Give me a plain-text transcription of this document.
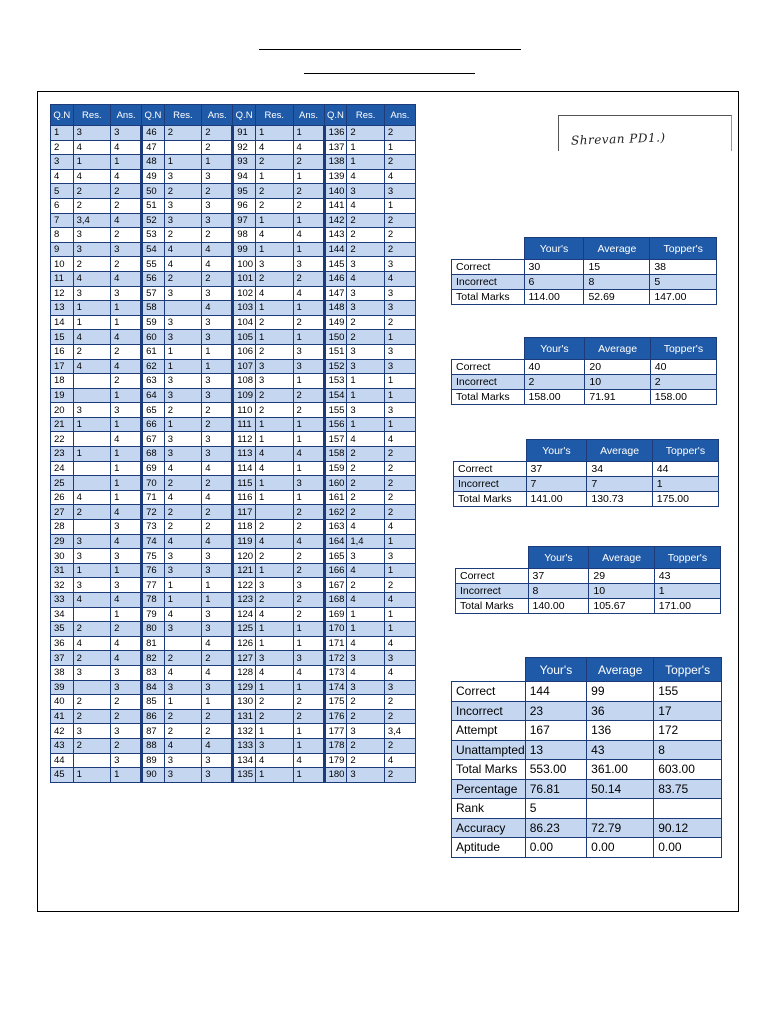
Shrevan PD1.)
Q.N	Res.	Ans.	Q.N	Res.	Ans.	Q.N	Res.	Ans.	Q.N	Res.	Ans.
1	3	3	46	2	2	91	1	1	136	2	2
2	4	4	47		2	92	4	4	137	1	1
3	1	1	48	1	1	93	2	2	138	1	2
4	4	4	49	3	3	94	1	1	139	4	4
5	2	2	50	2	2	95	2	2	140	3	3
6	2	2	51	3	3	96	2	2	141	4	1
7	3,4	4	52	3	3	97	1	1	142	2	2
8	3	2	53	2	2	98	4	4	143	2	2
9	3	3	54	4	4	99	1	1	144	2	2
10	2	2	55	4	4	100	3	3	145	3	3
11	4	4	56	2	2	101	2	2	146	4	4
12	3	3	57	3	3	102	4	4	147	3	3
13	1	1	58		4	103	1	1	148	3	3
14	1	1	59	3	3	104	2	2	149	2	2
15	4	4	60	3	3	105	1	1	150	2	1
16	2	2	61	1	1	106	2	3	151	3	3
17	4	4	62	1	1	107	3	3	152	3	3
18		2	63	3	3	108	3	1	153	1	1
19		1	64	3	3	109	2	2	154	1	1
20	3	3	65	2	2	110	2	2	155	3	3
21	1	1	66	1	2	111	1	1	156	1	1
22		4	67	3	3	112	1	1	157	4	4
23	1	1	68	3	3	113	4	4	158	2	2
24		1	69	4	4	114	4	1	159	2	2
25		1	70	2	2	115	1	3	160	2	2
26	4	1	71	4	4	116	1	1	161	2	2
27	2	4	72	2	2	117		2	162	2	2
28		3	73	2	2	118	2	2	163	4	4
29	3	4	74	4	4	119	4	4	164	1,4	1
30	3	3	75	3	3	120	2	2	165	3	3
31	1	1	76	3	3	121	1	2	166	4	1
32	3	3	77	1	1	122	3	3	167	2	2
33	4	4	78	1	1	123	2	2	168	4	4
34		1	79	4	3	124	4	2	169	1	1
35	2	2	80	3	3	125	1	1	170	1	1
36	4	4	81		4	126	1	1	171	4	4
37	2	4	82	2	2	127	3	3	172	3	3
38	3	3	83	4	4	128	4	4	173	4	4
39		3	84	3	3	129	1	1	174	3	3
40	2	2	85	1	1	130	2	2	175	2	2
41	2	2	86	2	2	131	2	2	176	2	2
42	3	3	87	2	2	132	1	1	177	3	3,4
43	2	2	88	4	4	133	3	1	178	2	2
44		3	89	3	3	134	4	4	179	2	4
45	1	1	90	3	3	135	1	1	180	3	2
	Your's	Average	Topper's
Correct	30	15	38
Incorrect	6	8	5
Total Marks	114.00	52.69	147.00
	Your's	Average	Topper's
Correct	40	20	40
Incorrect	2	10	2
Total Marks	158.00	71.91	158.00
	Your's	Average	Topper's
Correct	37	34	44
Incorrect	7	7	1
Total Marks	141.00	130.73	175.00
	Your's	Average	Topper's
Correct	37	29	43
Incorrect	8	10	1
Total Marks	140.00	105.67	171.00
	Your's	Average	Topper's
Correct	144	99	155
Incorrect	23	36	17
Attempt	167	136	172
Unattampted	13	43	8
Total Marks	553.00	361.00	603.00
Percentage	76.81	50.14	83.75
Rank	5		
Accuracy	86.23	72.79	90.12
Aptitude	0.00	0.00	0.00
